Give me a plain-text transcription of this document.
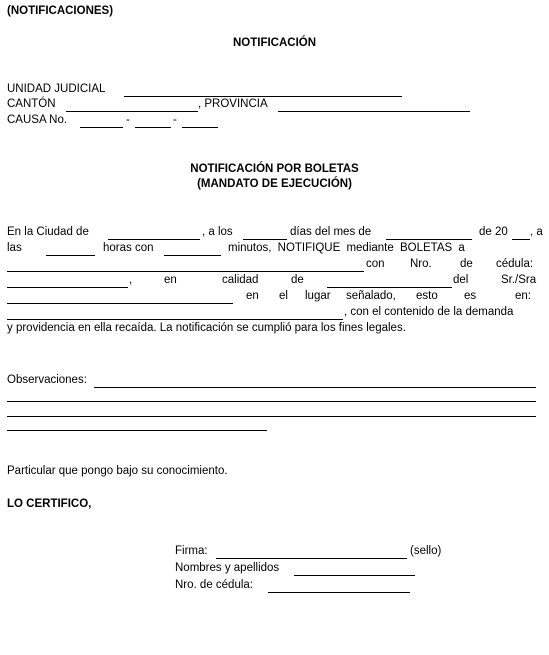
(NOTIFICACIONES)
NOTIFICACIÓN
UNIDAD JUDICIAL
CANTÓN	, PROVINCIA
CAUSA No.	-	-
NOTIFICACIÓN POR BOLETAS
(MANDATO DE EJECUCIÓN)
En la Ciudad de	, a los	días del mes de	de 20 , a
las	horas con	minutos, NOTIFIQUE mediante BOLETAS a
con Nro. de cédula:
,	en	calidad	de	del	Sr./Sra
en el lugar señalado, esto es	en:
, con el contenido de la demanda
y providencia en ella recaída. La notificación se cumplió para los fines legales.
Observaciones:
Particular que pongo bajo su conocimiento.
LO CERTIFICO,
Firma:	(sello)
Nombres y apellidos
Nro. de cédula:
